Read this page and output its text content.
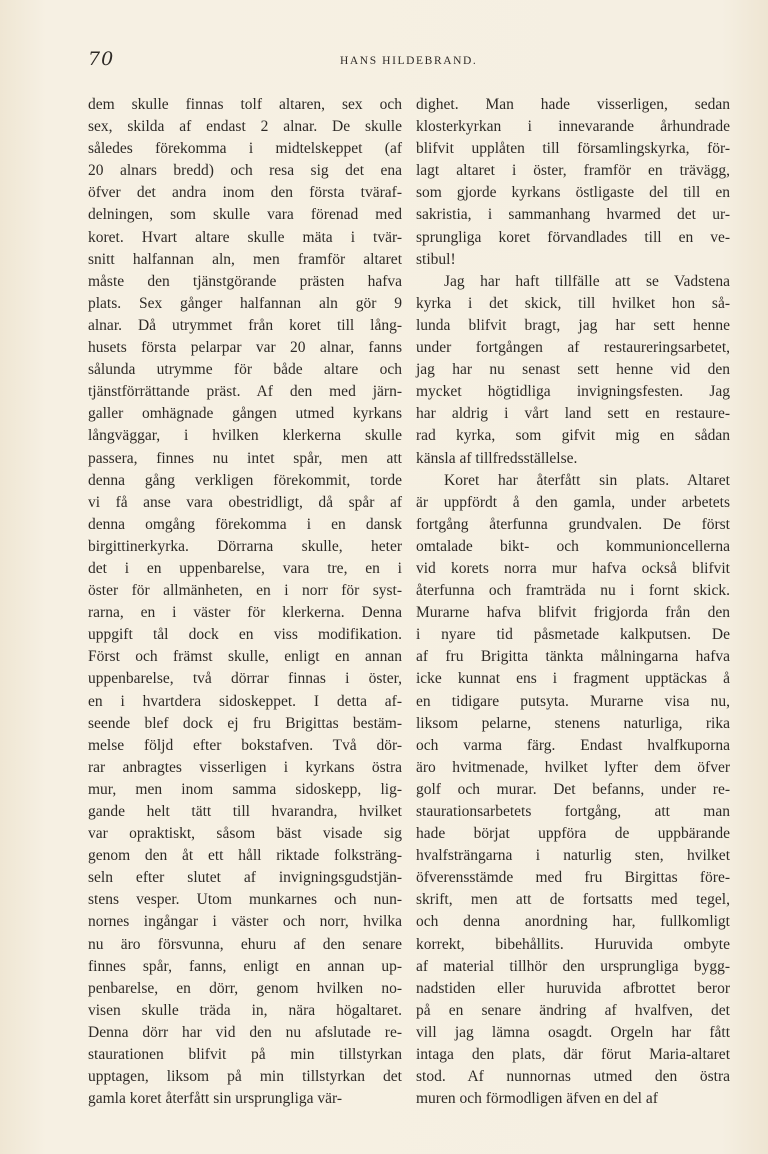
70	HANS HILDEBRAND.
dem skulle finnas tolf altaren, sex och
sex, skilda af endast 2 alnar. De skulle
således förekomma i midtelskeppet (af
20 alnars bredd) och resa sig det ena
öfver det andra inom den första tväraf-
delningen, som skulle vara förenad med
koret. Hvart altare skulle mäta i tvär-
snitt halfannan aln, men framför altaret
måste den tjänstgörande prästen hafva
plats. Sex gånger halfannan aln gör 9
alnar. Då utrymmet från koret till lång-
husets första pelarpar var 20 alnar, fanns
sålunda utrymme för både altare och
tjänstförrättande präst. Af den med järn-
galler omhägnade gången utmed kyrkans
långväggar, i hvilken klerkerna skulle
passera, finnes nu intet spår, men att
denna gång verkligen förekommit, torde
vi få anse vara obestridligt, då spår af
denna omgång förekomma i en dansk
birgittinerkyrka. Dörrarna skulle, heter
det i en uppenbarelse, vara tre, en i
öster för allmänheten, en i norr för syst-
rarna, en i väster för klerkerna. Denna
uppgift tål dock en viss modifikation.
Först och främst skulle, enligt en annan
uppenbarelse, två dörrar finnas i öster,
en i hvartdera sidoskeppet. I detta af-
seende blef dock ej fru Brigittas bestäm-
melse följd efter bokstafven. Två dör-
rar anbragtes visserligen i kyrkans östra
mur, men inom samma sidoskepp, lig-
gande helt tätt till hvarandra, hvilket
var opraktiskt, såsom bäst visade sig
genom den åt ett håll riktade folksträng-
seln efter slutet af invigningsgudstjän-
stens vesper. Utom munkarnes och nun-
nornes ingångar i väster och norr, hvilka
nu äro försvunna, ehuru af den senare
finnes spår, fanns, enligt en annan up-
penbarelse, en dörr, genom hvilken no-
visen skulle träda in, nära högaltaret.
Denna dörr har vid den nu afslutade re-
staurationen blifvit på min tillstyrkan
upptagen, liksom på min tillstyrkan det
gamla koret återfått sin ursprungliga vär-
dighet. Man hade visserligen, sedan
klosterkyrkan i innevarande århundrade
blifvit upplåten till församlingskyrka, för-
lagt altaret i öster, framför en trävägg,
som gjorde kyrkans östligaste del till en
sakristia, i sammanhang hvarmed det ur-
sprungliga koret förvandlades till en ve-
stibul!
Jag har haft tillfälle att se Vadstena
kyrka i det skick, till hvilket hon så-
lunda blifvit bragt, jag har sett henne
under fortgången af restaureringsarbetet,
jag har nu senast sett henne vid den
mycket högtidliga invigningsfesten. Jag
har aldrig i vårt land sett en restaure-
rad kyrka, som gifvit mig en sådan
känsla af tillfredsställelse.
Koret har återfått sin plats. Altaret
är uppfördt å den gamla, under arbetets
fortgång återfunna grundvalen. De först
omtalade bikt- och kommunioncellerna
vid korets norra mur hafva också blifvit
återfunna och framträda nu i fornt skick.
Murarne hafva blifvit frigjorda från den
i nyare tid påsmetade kalkputsen. De
af fru Brigitta tänkta målningarna hafva
icke kunnat ens i fragment upptäckas å
en tidigare putsyta. Murarne visa nu,
liksom pelarne, stenens naturliga, rika
och varma färg. Endast hvalfkuporna
äro hvitmenade, hvilket lyfter dem öfver
golf och murar. Det befanns, under re-
staurationsarbetets fortgång, att man
hade börjat uppföra de uppbärande
hvalfsträngarna i naturlig sten, hvilket
öfverensstämde med fru Birgittas före-
skrift, men att de fortsatts med tegel,
och denna anordning har, fullkomligt
korrekt, bibehållits. Huruvida ombyte
af material tillhör den ursprungliga bygg-
nadstiden eller huruvida afbrottet beror
på en senare ändring af hvalfven, det
vill jag lämna osagdt. Orgeln har fått
intaga den plats, där förut Maria-altaret
stod. Af nunnornas utmed den östra
muren och förmodligen äfven en del af
